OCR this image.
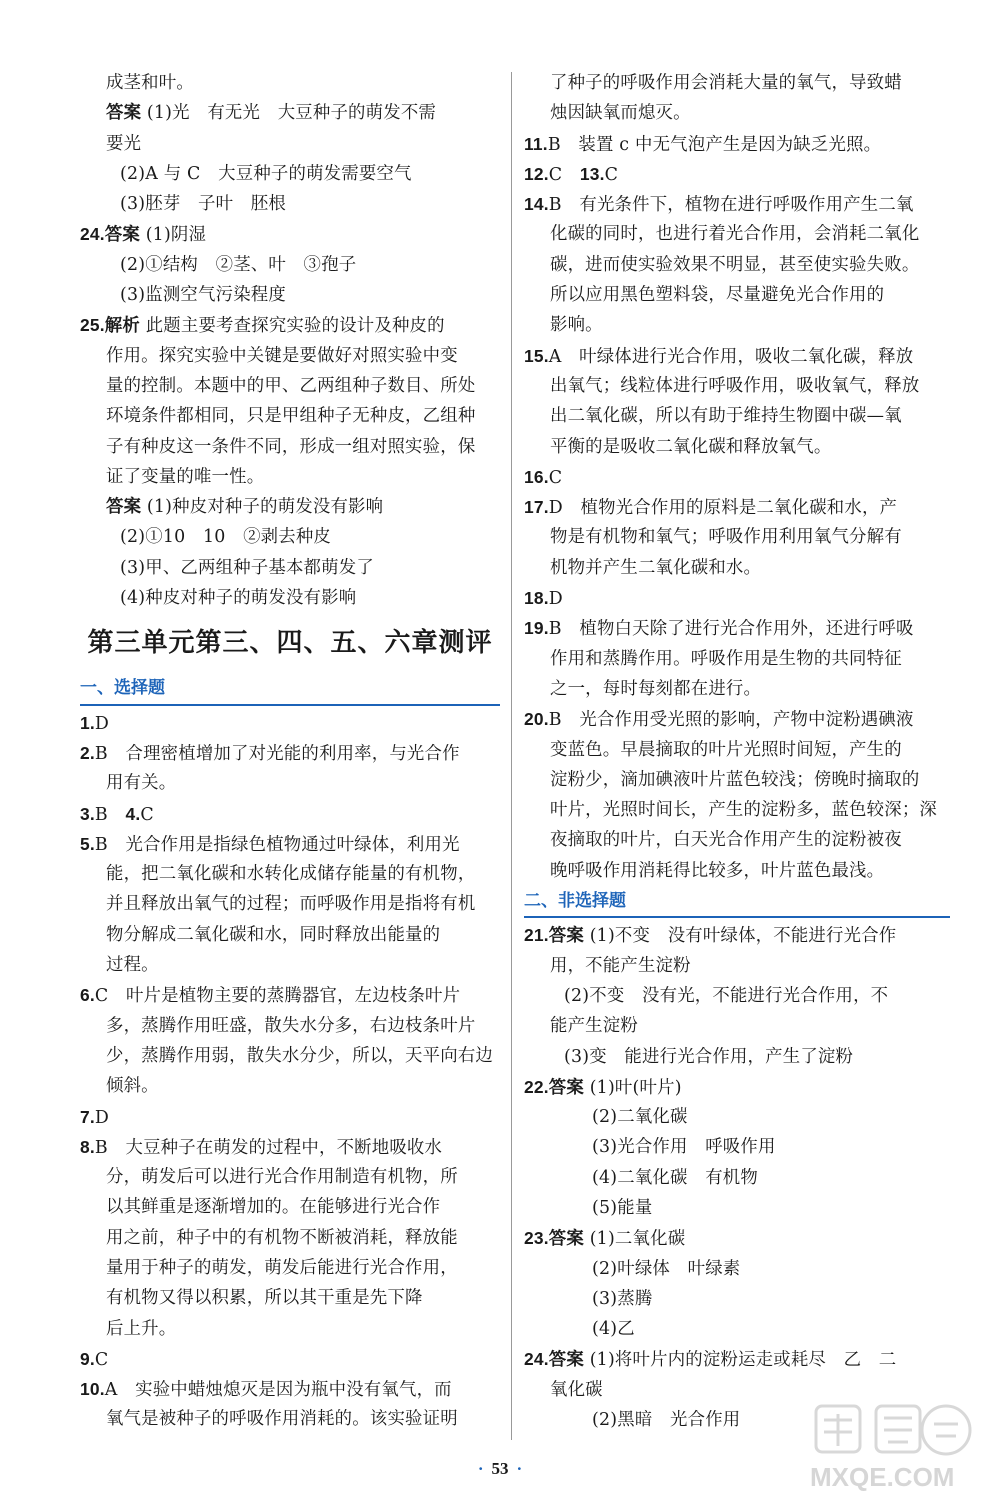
成茎和叶。
答案 (1)光　有无光　大豆种子的萌发不需
要光
(2)A 与 C　大豆种子的萌发需要空气
(3)胚芽　子叶　胚根
24.答案 (1)阴湿
(2)①结构　②茎、叶　③孢子
(3)监测空气污染程度
25.解析 此题主要考查探究实验的设计及种皮的
作用。探究实验中关键是要做好对照实验中变
量的控制。本题中的甲、乙两组种子数目、所处
环境条件都相同，只是甲组种子无种皮，乙组种
子有种皮这一条件不同，形成一组对照实验，保
证了变量的唯一性。
答案 (1)种皮对种子的萌发没有影响
(2)①10　10　②剥去种皮
(3)甲、乙两组种子基本都萌发了
(4)种皮对种子的萌发没有影响
第三单元第三、四、五、六章测评
一、选择题
1.D
2.B　合理密植增加了对光能的利用率，与光合作
用有关。
3.B　4.C
5.B　光合作用是指绿色植物通过叶绿体，利用光
能，把二氧化碳和水转化成储存能量的有机物，
并且释放出氧气的过程；而呼吸作用是指将有机
物分解成二氧化碳和水，同时释放出能量的
过程。
6.C　叶片是植物主要的蒸腾器官，左边枝条叶片
多，蒸腾作用旺盛，散失水分多，右边枝条叶片
少，蒸腾作用弱，散失水分少，所以，天平向右边
倾斜。
7.D
8.B　大豆种子在萌发的过程中，不断地吸收水
分，萌发后可以进行光合作用制造有机物，所
以其鲜重是逐渐增加的。在能够进行光合作
用之前，种子中的有机物不断被消耗，释放能
量用于种子的萌发，萌发后能进行光合作用，
有机物又得以积累，所以其干重是先下降
后上升。
9.C
10.A　实验中蜡烛熄灭是因为瓶中没有氧气，而
氧气是被种子的呼吸作用消耗的。该实验证明
了种子的呼吸作用会消耗大量的氧气，导致蜡
烛因缺氧而熄灭。
11.B　装置 c 中无气泡产生是因为缺乏光照。
12.C　13.C
14.B　有光条件下，植物在进行呼吸作用产生二氧
化碳的同时，也进行着光合作用，会消耗二氧化
碳，进而使实验效果不明显，甚至使实验失败。
所以应用黑色塑料袋，尽量避免光合作用的
影响。
15.A　叶绿体进行光合作用，吸收二氧化碳，释放
出氧气；线粒体进行呼吸作用，吸收氧气，释放
出二氧化碳，所以有助于维持生物圈中碳—氧
平衡的是吸收二氧化碳和释放氧气。
16.C
17.D　植物光合作用的原料是二氧化碳和水，产
物是有机物和氧气；呼吸作用利用氧气分解有
机物并产生二氧化碳和水。
18.D
19.B　植物白天除了进行光合作用外，还进行呼吸
作用和蒸腾作用。呼吸作用是生物的共同特征
之一，每时每刻都在进行。
20.B　光合作用受光照的影响，产物中淀粉遇碘液
变蓝色。早晨摘取的叶片光照时间短，产生的
淀粉少，滴加碘液叶片蓝色较浅；傍晚时摘取的
叶片，光照时间长，产生的淀粉多，蓝色较深；深
夜摘取的叶片，白天光合作用产生的淀粉被夜
晚呼吸作用消耗得比较多，叶片蓝色最浅。
二、非选择题
21.答案 (1)不变　没有叶绿体，不能进行光合作
用，不能产生淀粉
(2)不变　没有光，不能进行光合作用，不
能产生淀粉
(3)变　能进行光合作用，产生了淀粉
22.答案 (1)叶(叶片)
(2)二氧化碳
(3)光合作用　呼吸作用
(4)二氧化碳　有机物
(5)能量
23.答案 (1)二氧化碳
(2)叶绿体　叶绿素
(3)蒸腾
(4)乙
24.答案 (1)将叶片内的淀粉运走或耗尽　乙　二
氧化碳
(2)黑暗　光合作用
· 53 ·	MXQE.COM
